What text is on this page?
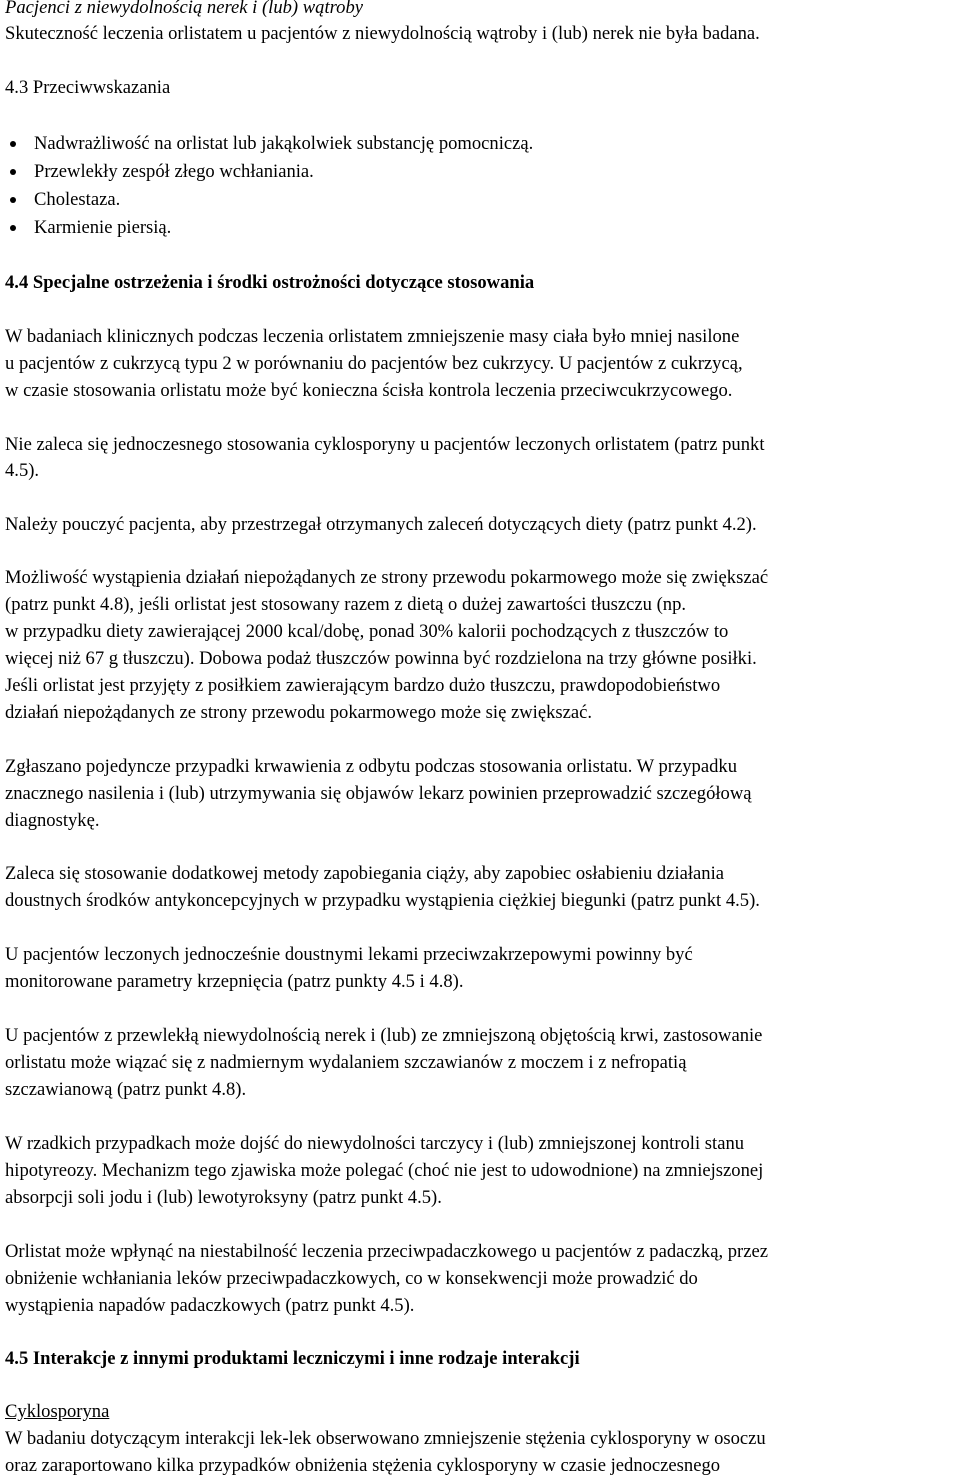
Pacjenci z niewydolnością nerek i (lub) wątroby
Skuteczność leczenia orlistatem u pacjentów z niewydolnością wątroby i (lub) nerek nie była badana.
4.3 Przeciwwskazania
Nadwrażliwość na orlistat lub jakąkolwiek substancję pomocniczą.
Przewlekły zespół złego wchłaniania.
Cholestaza.
Karmienie piersią.
4.4 Specjalne ostrzeżenia i środki ostrożności dotyczące stosowania
W badaniach klinicznych podczas leczenia orlistatem zmniejszenie masy ciała było mniej nasilone
u pacjentów z cukrzycą typu 2 w porównaniu do pacjentów bez cukrzycy. U pacjentów z cukrzycą,
w czasie stosowania orlistatu może być konieczna ścisła kontrola leczenia przeciwcukrzycowego.
Nie zaleca się jednoczesnego stosowania cyklosporyny u pacjentów leczonych orlistatem (patrz punkt
4.5).
Należy pouczyć pacjenta, aby przestrzegał otrzymanych zaleceń dotyczących diety (patrz punkt 4.2).
Możliwość wystąpienia działań niepożądanych ze strony przewodu pokarmowego może się zwiększać
(patrz punkt 4.8), jeśli orlistat jest stosowany razem z dietą o dużej zawartości tłuszczu (np.
w przypadku diety zawierającej 2000 kcal/dobę, ponad 30% kalorii pochodzących z tłuszczów to
więcej niż 67 g tłuszczu). Dobowa podaż tłuszczów powinna być rozdzielona na trzy główne posiłki.
Jeśli orlistat jest przyjęty z posiłkiem zawierającym bardzo dużo tłuszczu, prawdopodobieństwo
działań niepożądanych ze strony przewodu pokarmowego może się zwiększać.
Zgłaszano pojedyncze przypadki krwawienia z odbytu podczas stosowania orlistatu. W przypadku
znacznego nasilenia i (lub) utrzymywania się objawów lekarz powinien przeprowadzić szczegółową
diagnostykę.
Zaleca się stosowanie dodatkowej metody zapobiegania ciąży, aby zapobiec osłabieniu działania
doustnych środków antykoncepcyjnych w przypadku wystąpienia ciężkiej biegunki (patrz punkt 4.5).
U pacjentów leczonych jednocześnie doustnymi lekami przeciwzakrzepowymi powinny być
monitorowane parametry krzepnięcia (patrz punkty 4.5 i 4.8).
U pacjentów z przewlekłą niewydolnością nerek i (lub) ze zmniejszoną objętością krwi, zastosowanie
orlistatu może wiązać się z nadmiernym wydalaniem szczawianów z moczem i z nefropatią
szczawianową (patrz punkt 4.8).
W rzadkich przypadkach może dojść do niewydolności tarczycy i (lub) zmniejszonej kontroli stanu
hipotyreozy. Mechanizm tego zjawiska może polegać (choć nie jest to udowodnione) na zmniejszonej
absorpcji soli jodu i (lub) lewotyroksyny (patrz punkt 4.5).
Orlistat może wpłynąć na niestabilność leczenia przeciwpadaczkowego u pacjentów z padaczką, przez
obniżenie wchłaniania leków przeciwpadaczkowych, co w konsekwencji może prowadzić do
wystąpienia napadów padaczkowych (patrz punkt 4.5).
4.5 Interakcje z innymi produktami leczniczymi i inne rodzaje interakcji
Cyklosporyna
W badaniu dotyczącym interakcji lek-lek obserwowano zmniejszenie stężenia cyklosporyny w osoczu
oraz zaraportowano kilka przypadków obniżenia stężenia cyklosporyny w czasie jednoczesnego
